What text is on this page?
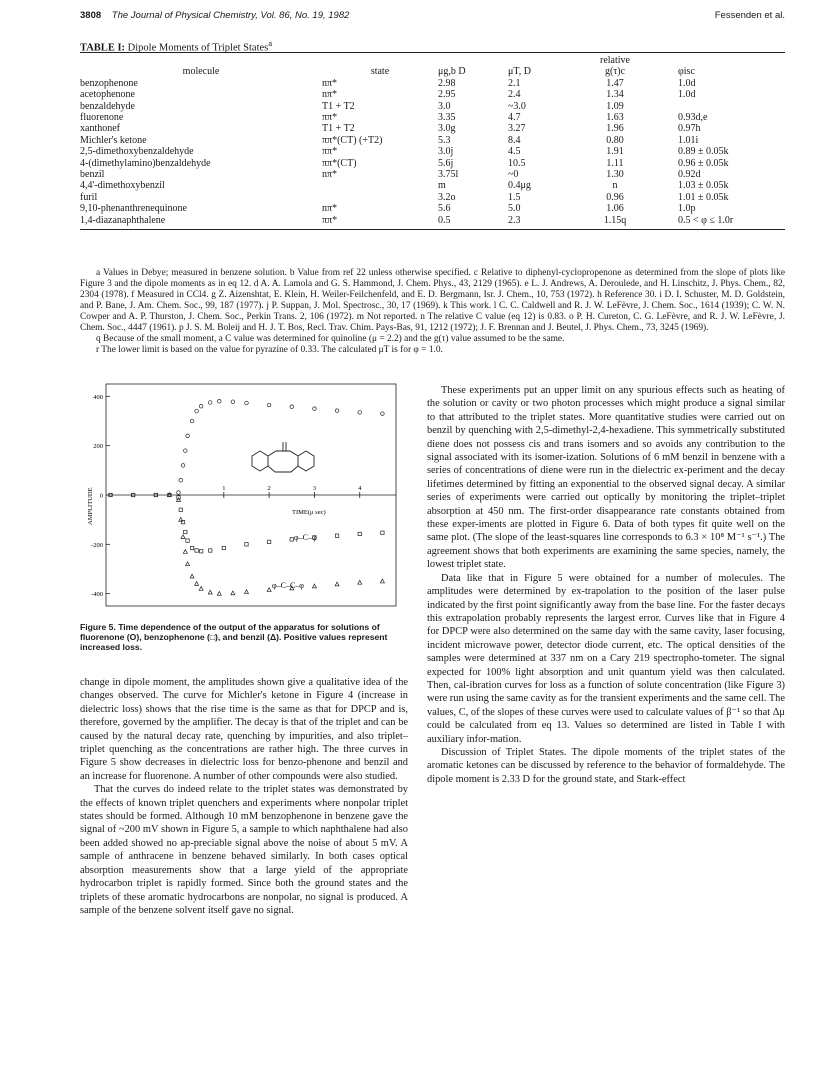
3808 The Journal of Physical Chemistry, Vol. 86, No. 19, 1982	Fessenden et al.
TABLE I: Dipole Moments of Triplet States$^a$
				relative	
molecule	state	μg,b D	μT, D	g(τ)c	φisc
benzophenone	nπ*	2.98	2.1	1.47	1.0d
acetophenone	nπ*	2.95	2.4	1.34	1.0d
benzaldehyde	T1 + T2	3.0	~3.0	1.09	
fluorenone	ππ*	3.35	4.7	1.63	0.93d,e
xanthonef	T1 + T2	3.0g	3.27	1.96	0.97h
Michler's ketone	ππ*(CT) (+T2)	5.3	8.4	0.80	1.01i
2,5-dimethoxybenzaldehyde	ππ*	3.0j	4.5	1.91	0.89 ± 0.05k
4-(dimethylamino)benzaldehyde	ππ*(CT)	5.6j	10.5	1.11	0.96 ± 0.05k
benzil	nπ*	3.75l	~0	1.30	0.92d
4,4'-dimethoxybenzil		m	0.4μg	n	1.03 ± 0.05k
furil		3.2o	1.5	0.96	1.01 ± 0.05k
9,10-phenanthrenequinone	nπ*	5.6	5.0	1.06	1.0p
1,4-diazanaphthalene	ππ*	0.5	2.3	1.15q	0.5 < φ ≤ 1.0r

a Values in Debye; measured in benzene solution. b Value from ref 22 unless otherwise specified. c Relative to diphenyl-cyclopropenone as determined from the slope of plots like Figure 3 and the dipole moments as in eq 12. d A. A. Lamola and G. S. Hammond, J. Chem. Phys., 43, 2129 (1965). e L. J. Andrews, A. Deroulede, and H. Linschitz, J. Phys. Chem., 82, 2304 (1978). f Measured in CCl4. g Z. Aizenshtat, E. Klein, H. Weiler-Feilchenfeld, and E. D. Bergmann, Isr. J. Chem., 10, 753 (1972). h Reference 30. i D. I. Schuster, M. D. Goldstein, and P. Bane, J. Am. Chem. Soc., 99, 187 (1977). j P. Suppan, J. Mol. Spectrosc., 30, 17 (1969). k This work. l C. C. Caldwell and R. J. W. LeFèvre, J. Chem. Soc., 1614 (1939); C. W. N. Cowper and A. P. Thurston, J. Chem. Soc., Perkin Trans. 2, 106 (1972). m Not reported. n The relative C value (eq 12) is 0.83. o P. H. Cureton, C. G. LeFèvre, and R. J. W. LeFèvre, J. Chem. Soc., 4447 (1961). p J. S. M. Boleij and H. J. T. Bos, Recl. Trav. Chim. Pays-Bas, 91, 1212 (1972); J. F. Brennan and J. Beutel, J. Phys. Chem., 73, 3245 (1969).

q Because of the small moment, a C value was determined for quinoline (μ = 2.2) and the g(τ) value assumed to be the same.

r The lower limit is based on the value for pyrazine of 0.33. The calculated μT is for φ = 1.0.

400
200
0
-200
-400
1	2	3	4
φ–C–φ
φ–C–C–φ
TIME(μ sec)
AMPLITUDE
Figure 5. Time dependence of the output of the apparatus for solutions of fluorenone (O), benzophenone (□), and benzil (Δ). Positive values represent increased loss.

change in dipole moment, the amplitudes shown give a qualitative idea of the changes observed. The curve for Michler's ketone in Figure 4 (increase in dielectric loss) shows that the rise time is the same as that for DPCP and is, therefore, governed by the amplifier. The decay is that of the triplet and can be caused by the natural decay rate, quenching by impurities, and also triplet–triplet quenching as the concentrations are rather high. The three curves in Figure 5 show decreases in dielectric loss for benzo-phenone and benzil and an increase for fluorenone. A number of other compounds were also studied.

That the curves do indeed relate to the triplet states was demonstrated by the effects of known triplet quenchers and experiments where nonpolar triplet states should be formed. Although 10 mM benzophenone in benzene gave the signal of ~200 mV shown in Figure 5, a sample to which naphthalene had also been added showed no ap-preciable signal above the noise of about 5 mV. A sample of anthracene in benzene behaved similarly. In both cases optical absorption measurements show that a large yield of the appropriate hydrocarbon triplet is rapidly formed. Since both the ground states and the triplets of these aromatic hydrocarbons are nonpolar, no signal is produced. A sample of the benzene solvent itself gave no signal.

These experiments put an upper limit on any spurious effects such as heating of the solution or cavity or two photon processes which might produce a signal similar to that attributed to the triplet states. More quantitative studies were carried out on benzil by quenching with 2,5-dimethyl-2,4-hexadiene. This symmetrically substituted diene does not possess cis and trans isomers and so avoids any contribution to the signal associated with its isomer-ization. Solutions of 6 mM benzil in benzene with a series of concentrations of diene were run in the dielectric ex-periment and the decay lifetimes determined by fitting an exponential to the observed signal decay. A similar series of experiments were carried out optically by monitoring the triplet–triplet absorption at 450 nm. The first-order disappearance rate constants obtained from these exper-iments are plotted in Figure 6. Data of both types fit quite well on the same plot. (The slope of the least-squares line corresponds to 6.3 × 10⁸ M⁻¹ s⁻¹.) The agreement shows that both experiments are examining the same species, namely, the lowest triplet state.

Data like that in Figure 5 were obtained for a number of molecules. The amplitudes were determined by ex-trapolation to the position of the laser pulse indicated by the first point significantly away from the base line. For the faster decays this extrapolation probably represents the largest error. Curves like that in Figure 4 for DPCP were also determined on the same day with the same cavity, laser focusing, incident microwave power, detector diode current, etc. The optical densities of the samples were determined at 337 nm on a Cary 219 spectropho-tometer. The signal expected for 100% light absorption and unit quantum yield was then calculated. Then, cal-ibration curves for loss as a function of solute concentration (like Figure 3) were run using the same cavity as for the transient experiments and the same cell. The values, C, of the slopes of these curves were used to calculate values of β⁻¹ so that Δμ could be calculated from eq 13. Values so determined are listed in Table I with auxiliary infor-mation.

Discussion of Triplet States. The dipole moments of the triplet states of the aromatic ketones can be discussed by reference to the behavior of formaldehyde. The dipole moment is 2.33 D for the ground state, and Stark-effect
